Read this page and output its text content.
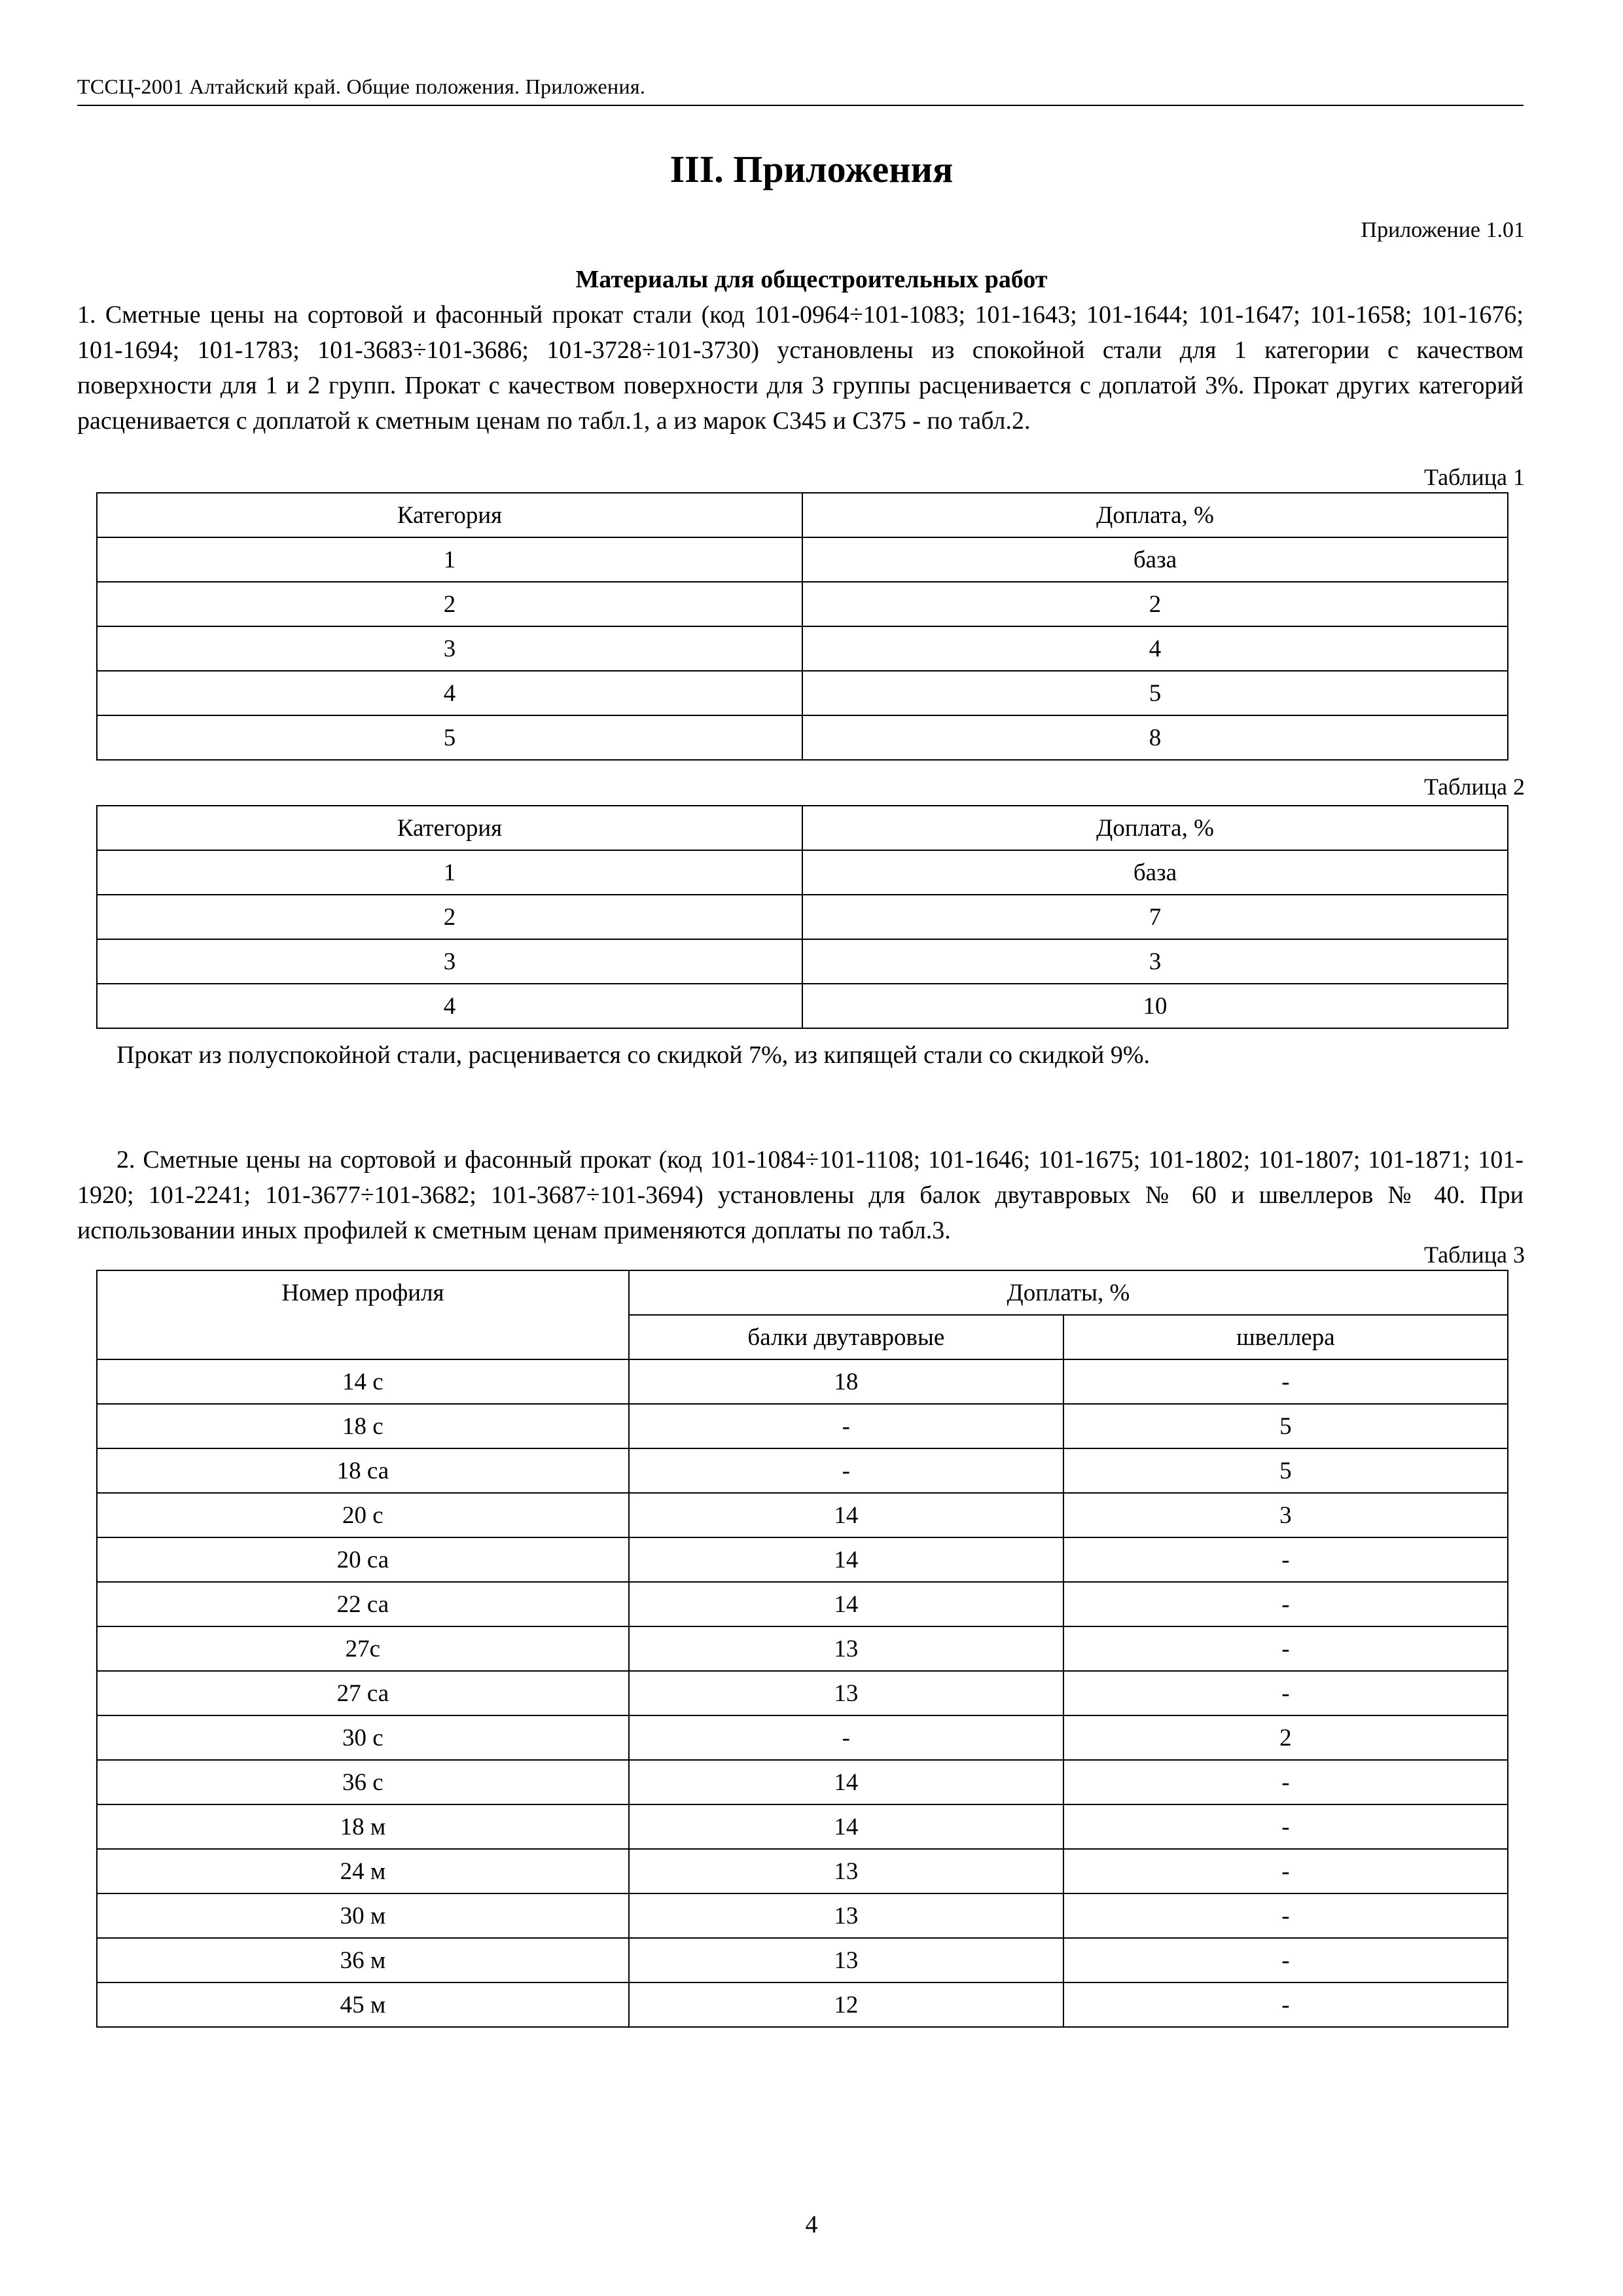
ТССЦ-2001 Алтайский край. Общие положения. Приложения.
III. Приложения
Приложение 1.01
Материалы для общестроительных работ
1. Сметные цены на сортовой и фасонный прокат стали (код 101-0964÷101-1083; 101-1643; 101-1644; 101-1647; 101-1658; 101-1676; 101-1694; 101-1783; 101-3683÷101-3686; 101-3728÷101-3730) установлены из спокойной стали для 1 категории с качеством поверхности для 1 и 2 групп. Прокат с качеством поверхности для 3 группы расценивается с доплатой 3%. Прокат других категорий расценивается с доплатой к сметным ценам по табл.1, а из марок С345 и С375 - по табл.2.
Таблица 1
Категория	Доплата, %
1	база
2	2
3	4
4	5
5	8
Таблица 2
Категория	Доплата, %
1	база
2	7
3	3
4	10
Прокат из полуспокойной стали, расценивается со скидкой 7%, из кипящей стали со скидкой 9%.
2. Сметные цены на сортовой и фасонный прокат (код 101-1084÷101-1108; 101-1646; 101-1675; 101-1802; 101-1807; 101-1871; 101-1920; 101-2241; 101-3677÷101-3682; 101-3687÷101-3694) установлены для балок двутавровых № 60 и швеллеров № 40. При использовании иных профилей к сметным ценам применяются доплаты по табл.3.
Таблица 3
Номер профиля	Доплаты, %	
	балки двутавровые	швеллера
14 с	18	-
18 с	-	5
18 са	-	5
20 с	14	3
20 са	14	-
22 са	14	-
27с	13	-
27 са	13	-
30 с	-	2
36 с	14	-
18 м	14	-
24 м	13	-
30 м	13	-
36 м	13	-
45 м	12	-
4
